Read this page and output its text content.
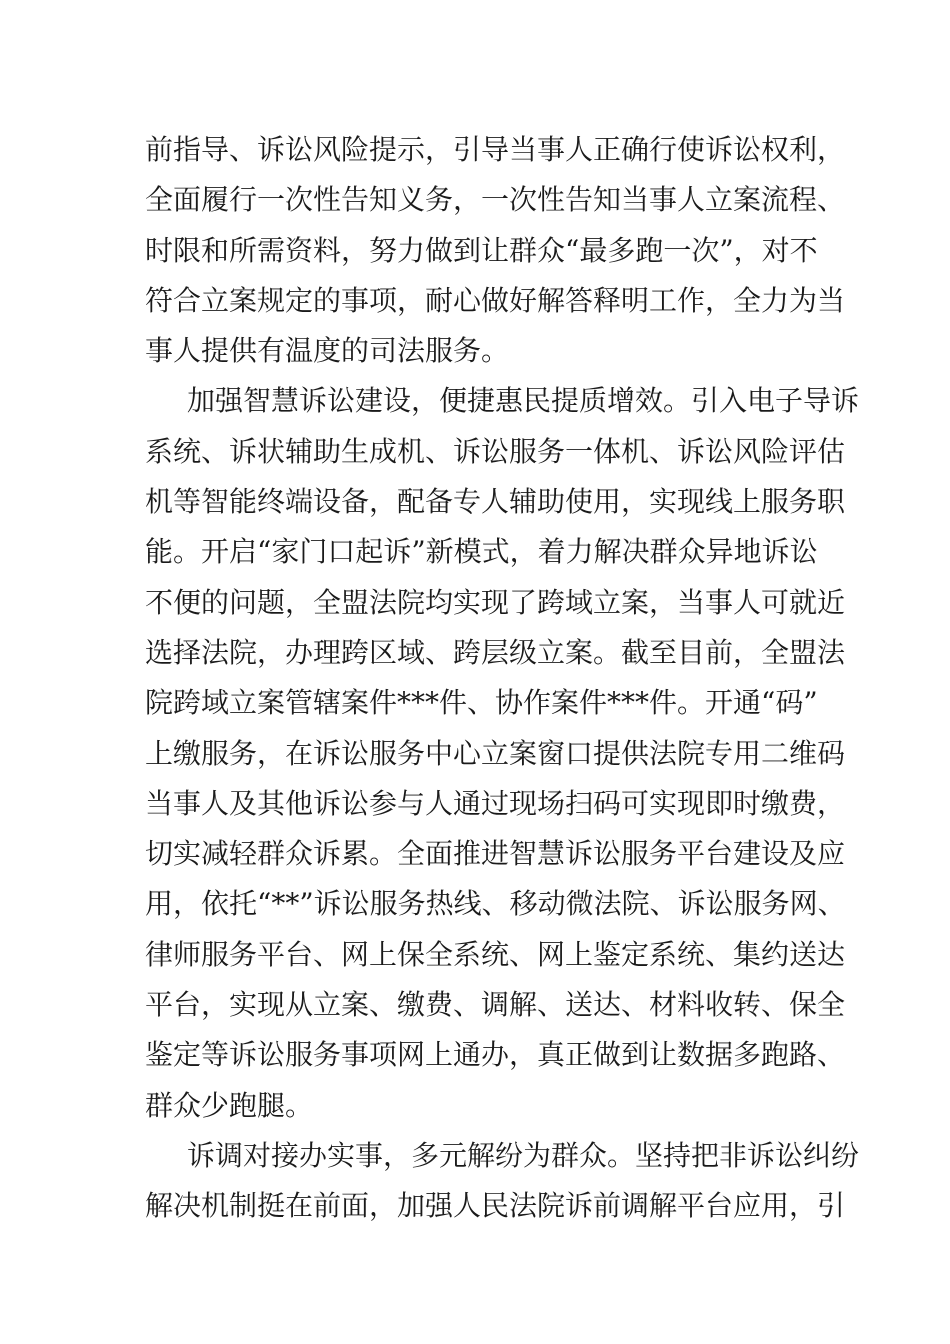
前指导、诉讼风险提示，引导当事人正确行使诉讼权利，
全面履行一次性告知义务，一次性告知当事人立案流程、
时限和所需资料，努力做到让群众“最多跑一次”，对不
符合立案规定的事项，耐心做好解答释明工作，全力为当
事人提供有温度的司法服务。
加强智慧诉讼建设，便捷惠民提质增效。引入电子导诉
系统、诉状辅助生成机、诉讼服务一体机、诉讼风险评估
机等智能终端设备，配备专人辅助使用，实现线上服务职
能。开启“家门口起诉”新模式，着力解决群众异地诉讼
不便的问题，全盟法院均实现了跨域立案，当事人可就近
选择法院，办理跨区域、跨层级立案。截至目前，全盟法
院跨域立案管辖案件***件、协作案件***件。开通“码”
上缴服务，在诉讼服务中心立案窗口提供法院专用二维码
当事人及其他诉讼参与人通过现场扫码可实现即时缴费，
切实减轻群众诉累。全面推进智慧诉讼服务平台建设及应
用，依托“**”诉讼服务热线、移动微法院、诉讼服务网、
律师服务平台、网上保全系统、网上鉴定系统、集约送达
平台，实现从立案、缴费、调解、送达、材料收转、保全
鉴定等诉讼服务事项网上通办，真正做到让数据多跑路、
群众少跑腿。
诉调对接办实事，多元解纷为群众。坚持把非诉讼纠纷
解决机制挺在前面，加强人民法院诉前调解平台应用，引
